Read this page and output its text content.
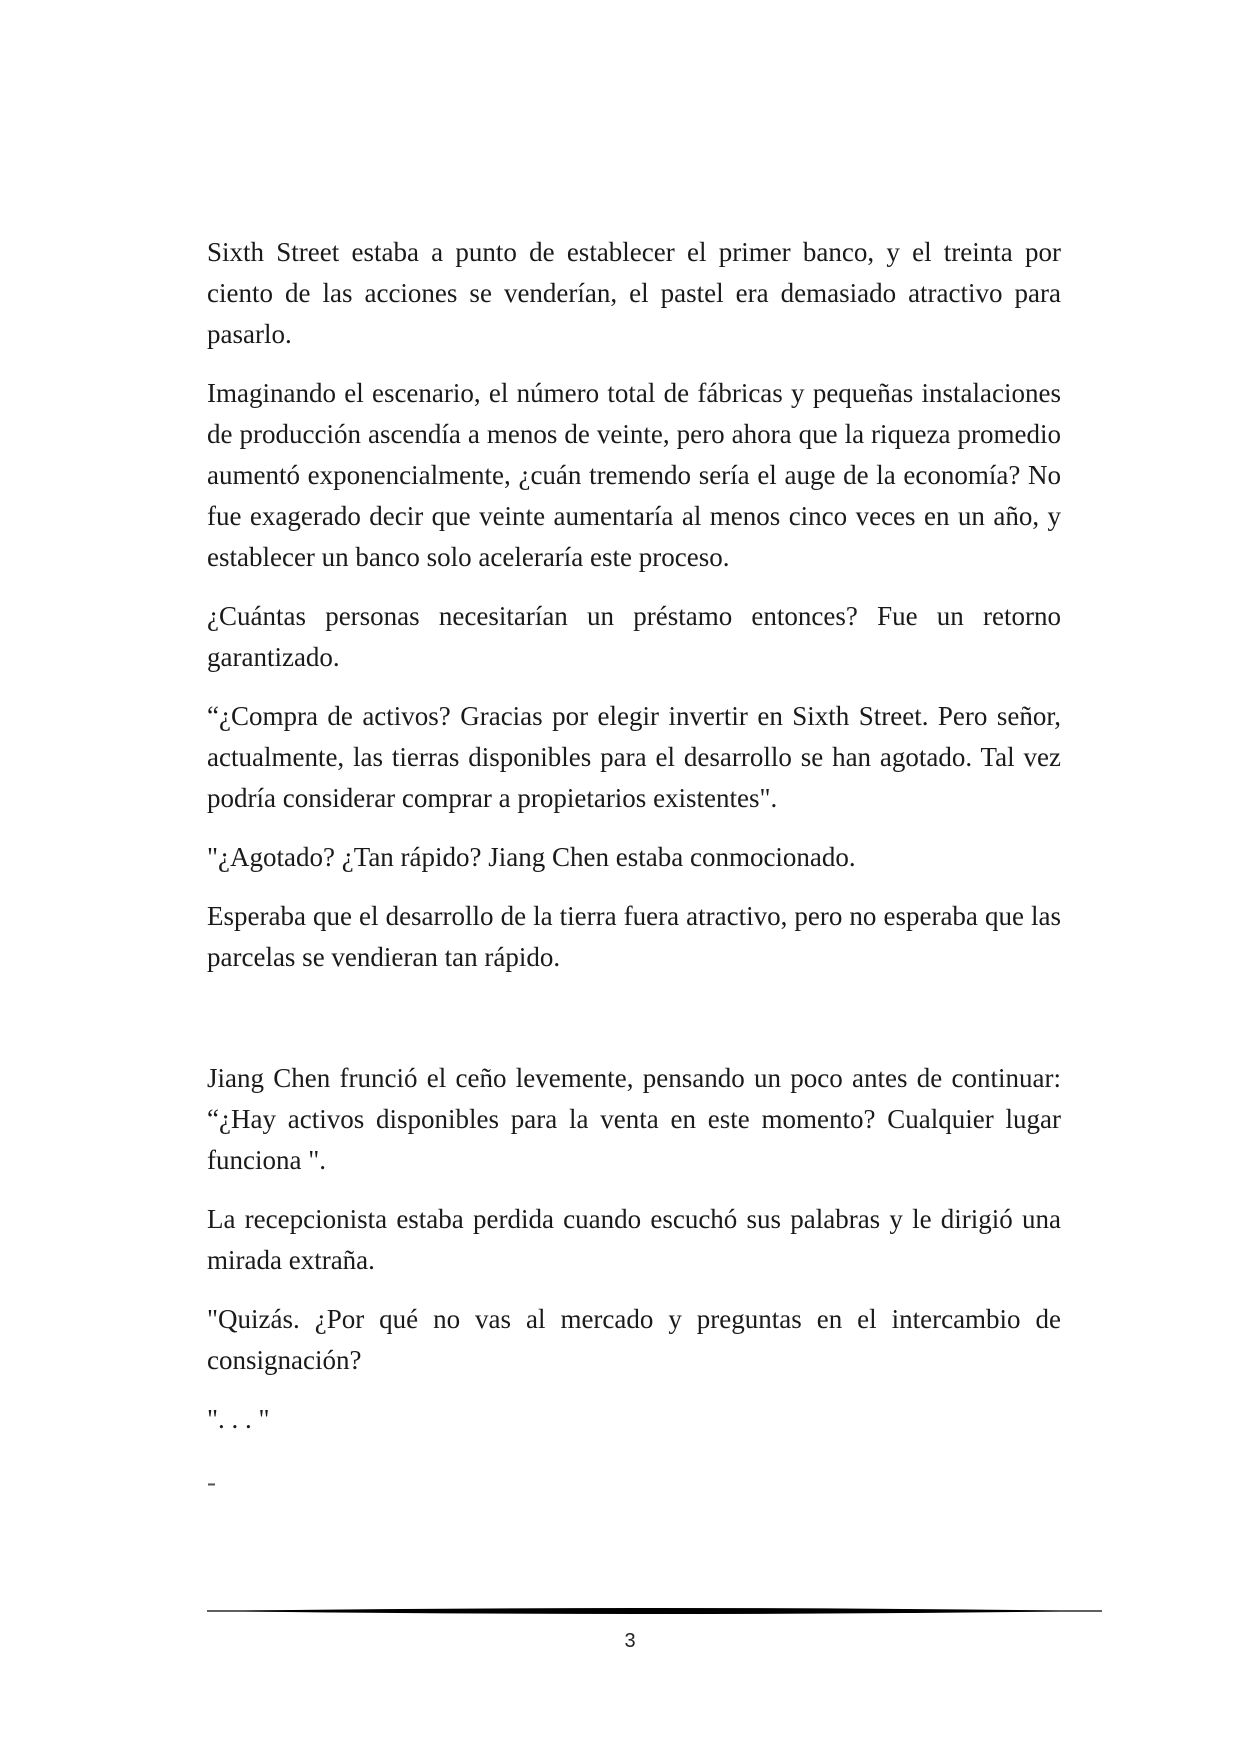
Sixth Street estaba a punto de establecer el primer banco, y el treinta por ciento de las acciones se venderían, el pastel era demasiado atractivo para pasarlo.

Imaginando el escenario, el número total de fábricas y pequeñas instalaciones de producción ascendía a menos de veinte, pero ahora que la riqueza promedio aumentó exponencialmente, ¿cuán tremendo sería el auge de la economía? No fue exagerado decir que veinte aumentaría al menos cinco veces en un año, y establecer un banco solo aceleraría este proceso.

¿Cuántas personas necesitarían un préstamo entonces? Fue un retorno garantizado.

“¿Compra de activos? Gracias por elegir invertir en Sixth Street. Pero señor, actualmente, las tierras disponibles para el desarrollo se han agotado. Tal vez podría considerar comprar a propietarios existentes".

"¿Agotado? ¿Tan rápido? Jiang Chen estaba conmocionado.

Esperaba que el desarrollo de la tierra fuera atractivo, pero no esperaba que las parcelas se vendieran tan rápido.

Jiang Chen frunció el ceño levemente, pensando un poco antes de continuar: “¿Hay activos disponibles para la venta en este momento? Cualquier lugar funciona ".

La recepcionista estaba perdida cuando escuchó sus palabras y le dirigió una mirada extraña.

"Quizás. ¿Por qué no vas al mercado y preguntas en el intercambio de consignación?

". . . "

-

3
